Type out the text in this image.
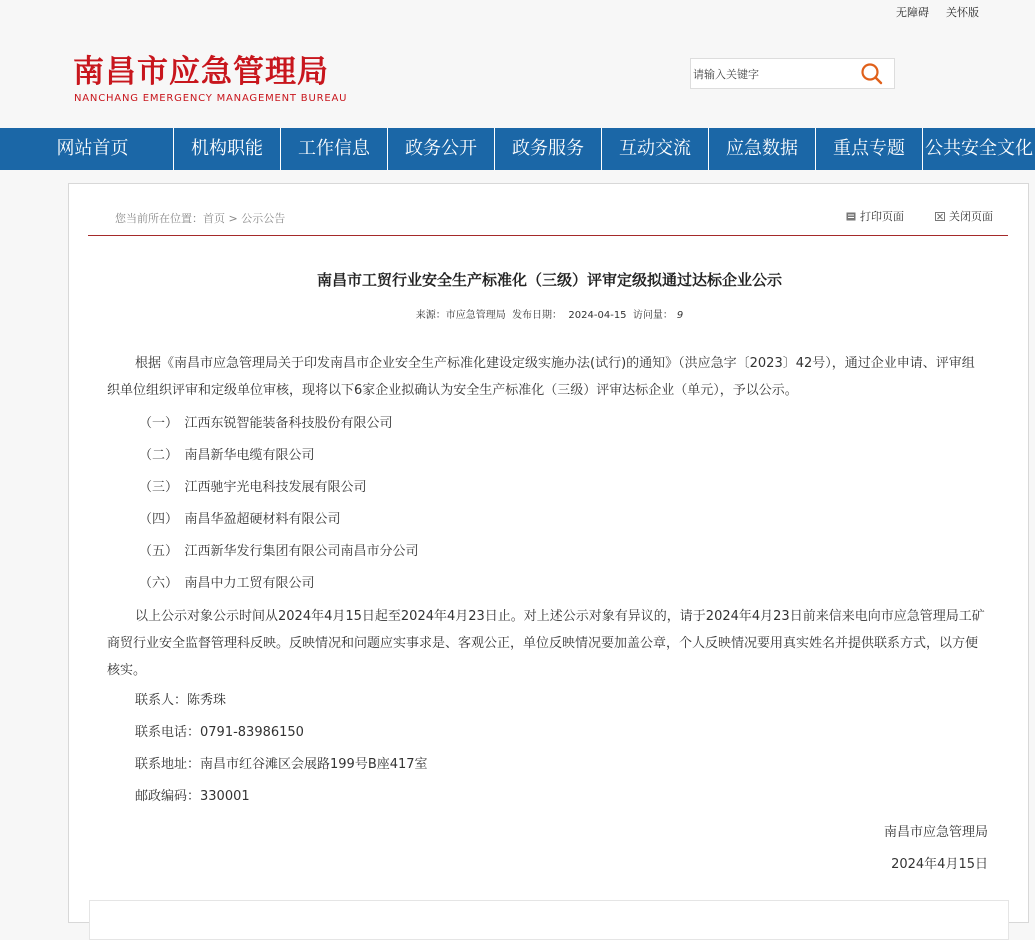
无障碍 关怀版
南昌市应急管理局
NANCHANG EMERGENCY MANAGEMENT BUREAU
请输入关键字
网站首页	机构职能	工作信息	政务公开	政务服务	互动交流	应急数据	重点专题	公共安全文化
您当前所在位置：首页 > 公示公告	打印页面	关闭页面
南昌市工贸行业安全生产标准化（三级）评审定级拟通过达标企业公示
来源：市应急管理局 发布日期： 2024-04-15 访问量： 9

根据《南昌市应急管理局关于印发南昌市企业安全生产标准化建设定级实施办法(试行)的通知》（洪应急字〔2023〕42号），通过企业申请、评审组织单位组织评审和定级单位审核，现将以下6家企业拟确认为安全生产标准化（三级）评审达标企业（单元），予以公示。

（一）　江西东锐智能装备科技股份有限公司

（二）　南昌新华电缆有限公司

（三）　江西驰宇光电科技发展有限公司

（四）　南昌华盈超硬材料有限公司

（五）　江西新华发行集团有限公司南昌市分公司

（六）　南昌中力工贸有限公司

以上公示对象公示时间从2024年4月15日起至2024年4月23日止。对上述公示对象有异议的，请于2024年4月23日前来信来电向市应急管理局工矿商贸行业安全监督管理科反映。反映情况和问题应实事求是、客观公正，单位反映情况要加盖公章，个人反映情况要用真实姓名并提供联系方式，以方便核实。

联系人：陈秀珠

联系电话：0791-83986150

联系地址：南昌市红谷滩区会展路199号B座417室

邮政编码：330001

南昌市应急管理局
2024年4月15日
